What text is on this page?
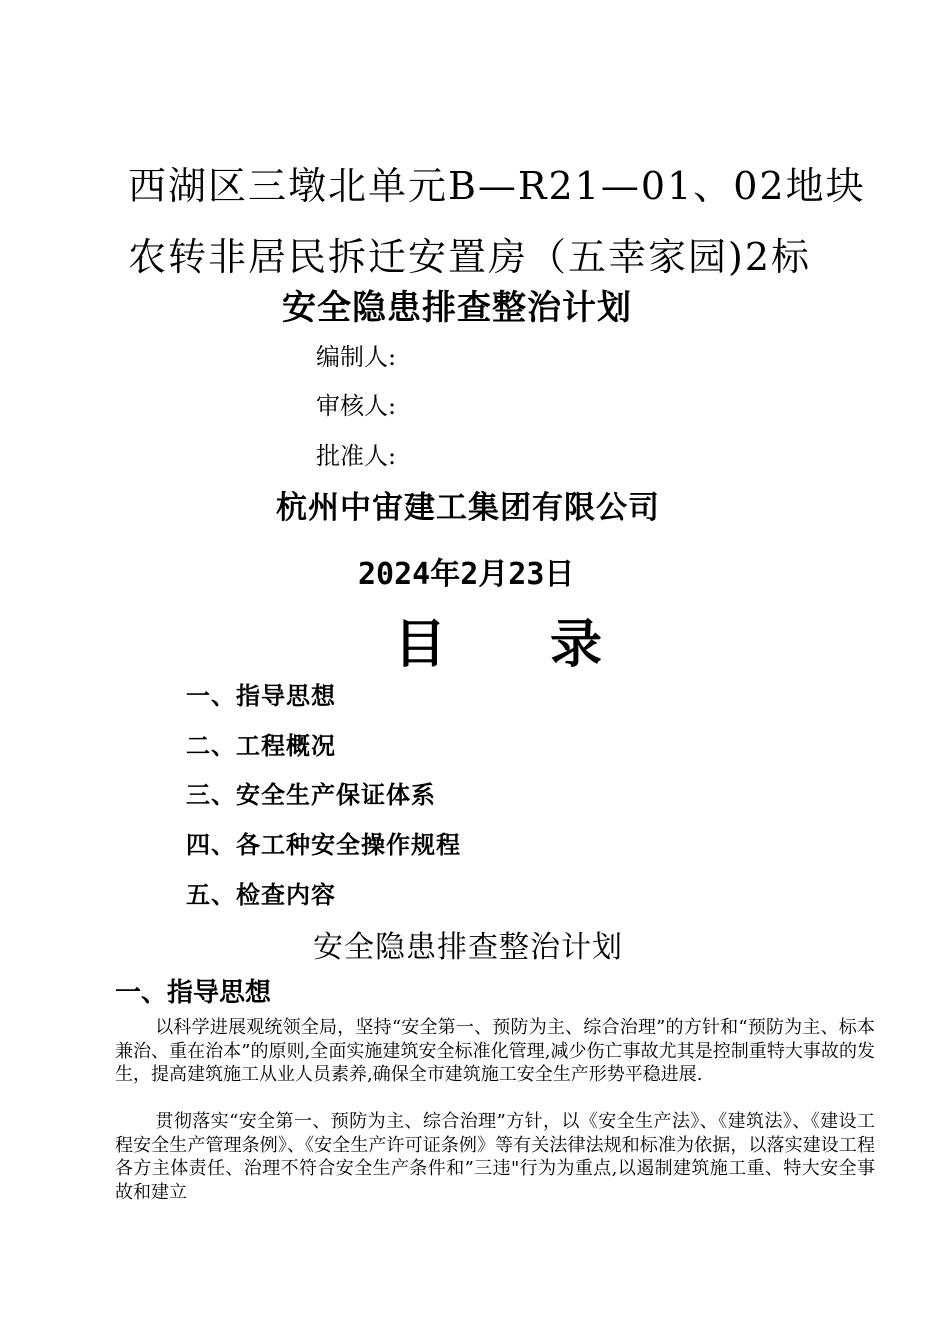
西湖区三墩北单元B—R21—01、02地块
农转非居民拆迁安置房（五幸家园)2标
安全隐患排查整治计划
编制人:
审核人:
批准人:
杭州中宙建工集团有限公司
2024年2月23日
目　　录
一、指导思想
二、工程概况
三、安全生产保证体系
四、各工种安全操作规程
五、检查内容
安全隐患排查整治计划
一、指导思想
以科学进展观统领全局，坚持“安全第一、预防为主、综合治理”的方针和“预防为主、标本兼治、重在治本”的原则,全面实施建筑安全标准化管理,减少伤亡事故尤其是控制重特大事故的发生，提高建筑施工从业人员素养,确保全市建筑施工安全生产形势平稳进展.
贯彻落实“安全第一、预防为主、综合治理”方针，以《安全生产法》、《建筑法》、《建设工程安全生产管理条例》、《安全生产许可证条例》等有关法律法规和标准为依据，以落实建设工程各方主体责任、治理不符合安全生产条件和”三违"行为为重点,以遏制建筑施工重、特大安全事故和建立
